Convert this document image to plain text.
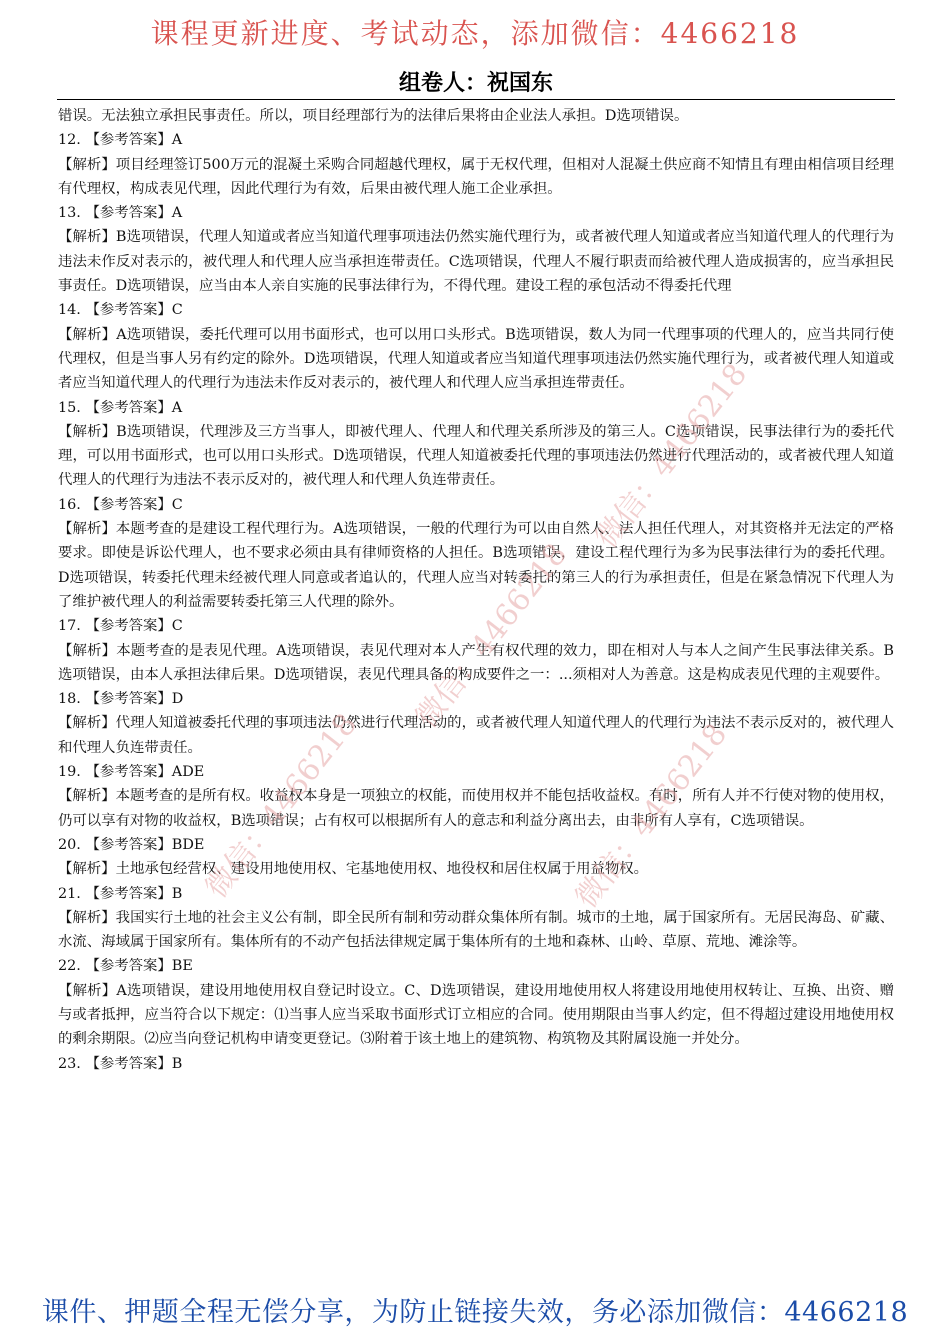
课程更新进度、考试动态，添加微信：4466218
组卷人：祝国东

错误。无法独立承担民事责任。所以，项目经理部行为的法律后果将由企业法人承担。D选项错误。

12. 【参考答案】A

【解析】项目经理签订500万元的混凝土采购合同超越代理权，属于无权代理，但相对人混凝土供应商不知情且有理由相信项目经理有代理权，构成表见代理，因此代理行为有效，后果由被代理人施工企业承担。

13. 【参考答案】A

【解析】B选项错误，代理人知道或者应当知道代理事项违法仍然实施代理行为，或者被代理人知道或者应当知道代理人的代理行为违法未作反对表示的，被代理人和代理人应当承担连带责任。C选项错误，代理人不履行职责而给被代理人造成损害的，应当承担民事责任。D选项错误，应当由本人亲自实施的民事法律行为，不得代理。建设工程的承包活动不得委托代理

14. 【参考答案】C

【解析】A选项错误，委托代理可以用书面形式，也可以用口头形式。B选项错误，数人为同一代理事项的代理人的，应当共同行使代理权，但是当事人另有约定的除外。D选项错误，代理人知道或者应当知道代理事项违法仍然实施代理行为，或者被代理人知道或者应当知道代理人的代理行为违法未作反对表示的，被代理人和代理人应当承担连带责任。

15. 【参考答案】A

【解析】B选项错误，代理涉及三方当事人，即被代理人、代理人和代理关系所涉及的第三人。C选项错误，民事法律行为的委托代理，可以用书面形式，也可以用口头形式。D选项错误，代理人知道被委托代理的事项违法仍然进行代理活动的，或者被代理人知道代理人的代理行为违法不表示反对的，被代理人和代理人负连带责任。

16. 【参考答案】C

【解析】本题考查的是建设工程代理行为。A选项错误，一般的代理行为可以由自然人、法人担任代理人，对其资格并无法定的严格要求。即使是诉讼代理人，也不要求必须由具有律师资格的人担任。B选项错误，建设工程代理行为多为民事法律行为的委托代理。D选项错误，转委托代理未经被代理人同意或者追认的，代理人应当对转委托的第三人的行为承担责任，但是在紧急情况下代理人为了维护被代理人的利益需要转委托第三人代理的除外。

17. 【参考答案】C

【解析】本题考查的是表见代理。A选项错误，表见代理对本人产生有权代理的效力，即在相对人与本人之间产生民事法律关系。B选项错误，由本人承担法律后果。D选项错误，表见代理具备的构成要件之一：...须相对人为善意。这是构成表见代理的主观要件。

18. 【参考答案】D

【解析】代理人知道被委托代理的事项违法仍然进行代理活动的，或者被代理人知道代理人的代理行为违法不表示反对的，被代理人和代理人负连带责任。

19. 【参考答案】ADE

【解析】本题考查的是所有权。收益权本身是一项独立的权能，而使用权并不能包括收益权。有时，所有人并不行使对物的使用权，仍可以享有对物的收益权，B选项错误；占有权可以根据所有人的意志和利益分离出去，由非所有人享有，C选项错误。

20. 【参考答案】BDE

【解析】土地承包经营权、建设用地使用权、宅基地使用权、地役权和居住权属于用益物权。

21. 【参考答案】B

【解析】我国实行土地的社会主义公有制，即全民所有制和劳动群众集体所有制。城市的土地，属于国家所有。无居民海岛、矿藏、水流、海域属于国家所有。集体所有的不动产包括法律规定属于集体所有的土地和森林、山岭、草原、荒地、滩涂等。

22. 【参考答案】BE

【解析】A选项错误，建设用地使用权自登记时设立。C、D选项错误，建设用地使用权人将建设用地使用权转让、互换、出资、赠与或者抵押，应当符合以下规定：⑴当事人应当采取书面形式订立相应的合同。使用期限由当事人约定，但不得超过建设用地使用权的剩余期限。⑵应当向登记机构申请变更登记。⑶附着于该土地上的建筑物、构筑物及其附属设施一并处分。

23. 【参考答案】B

微信：4466218
微信：4466218
微信：4466218
微信：4466218
课件、押题全程无偿分享，为防止链接失效，务必添加微信：4466218
